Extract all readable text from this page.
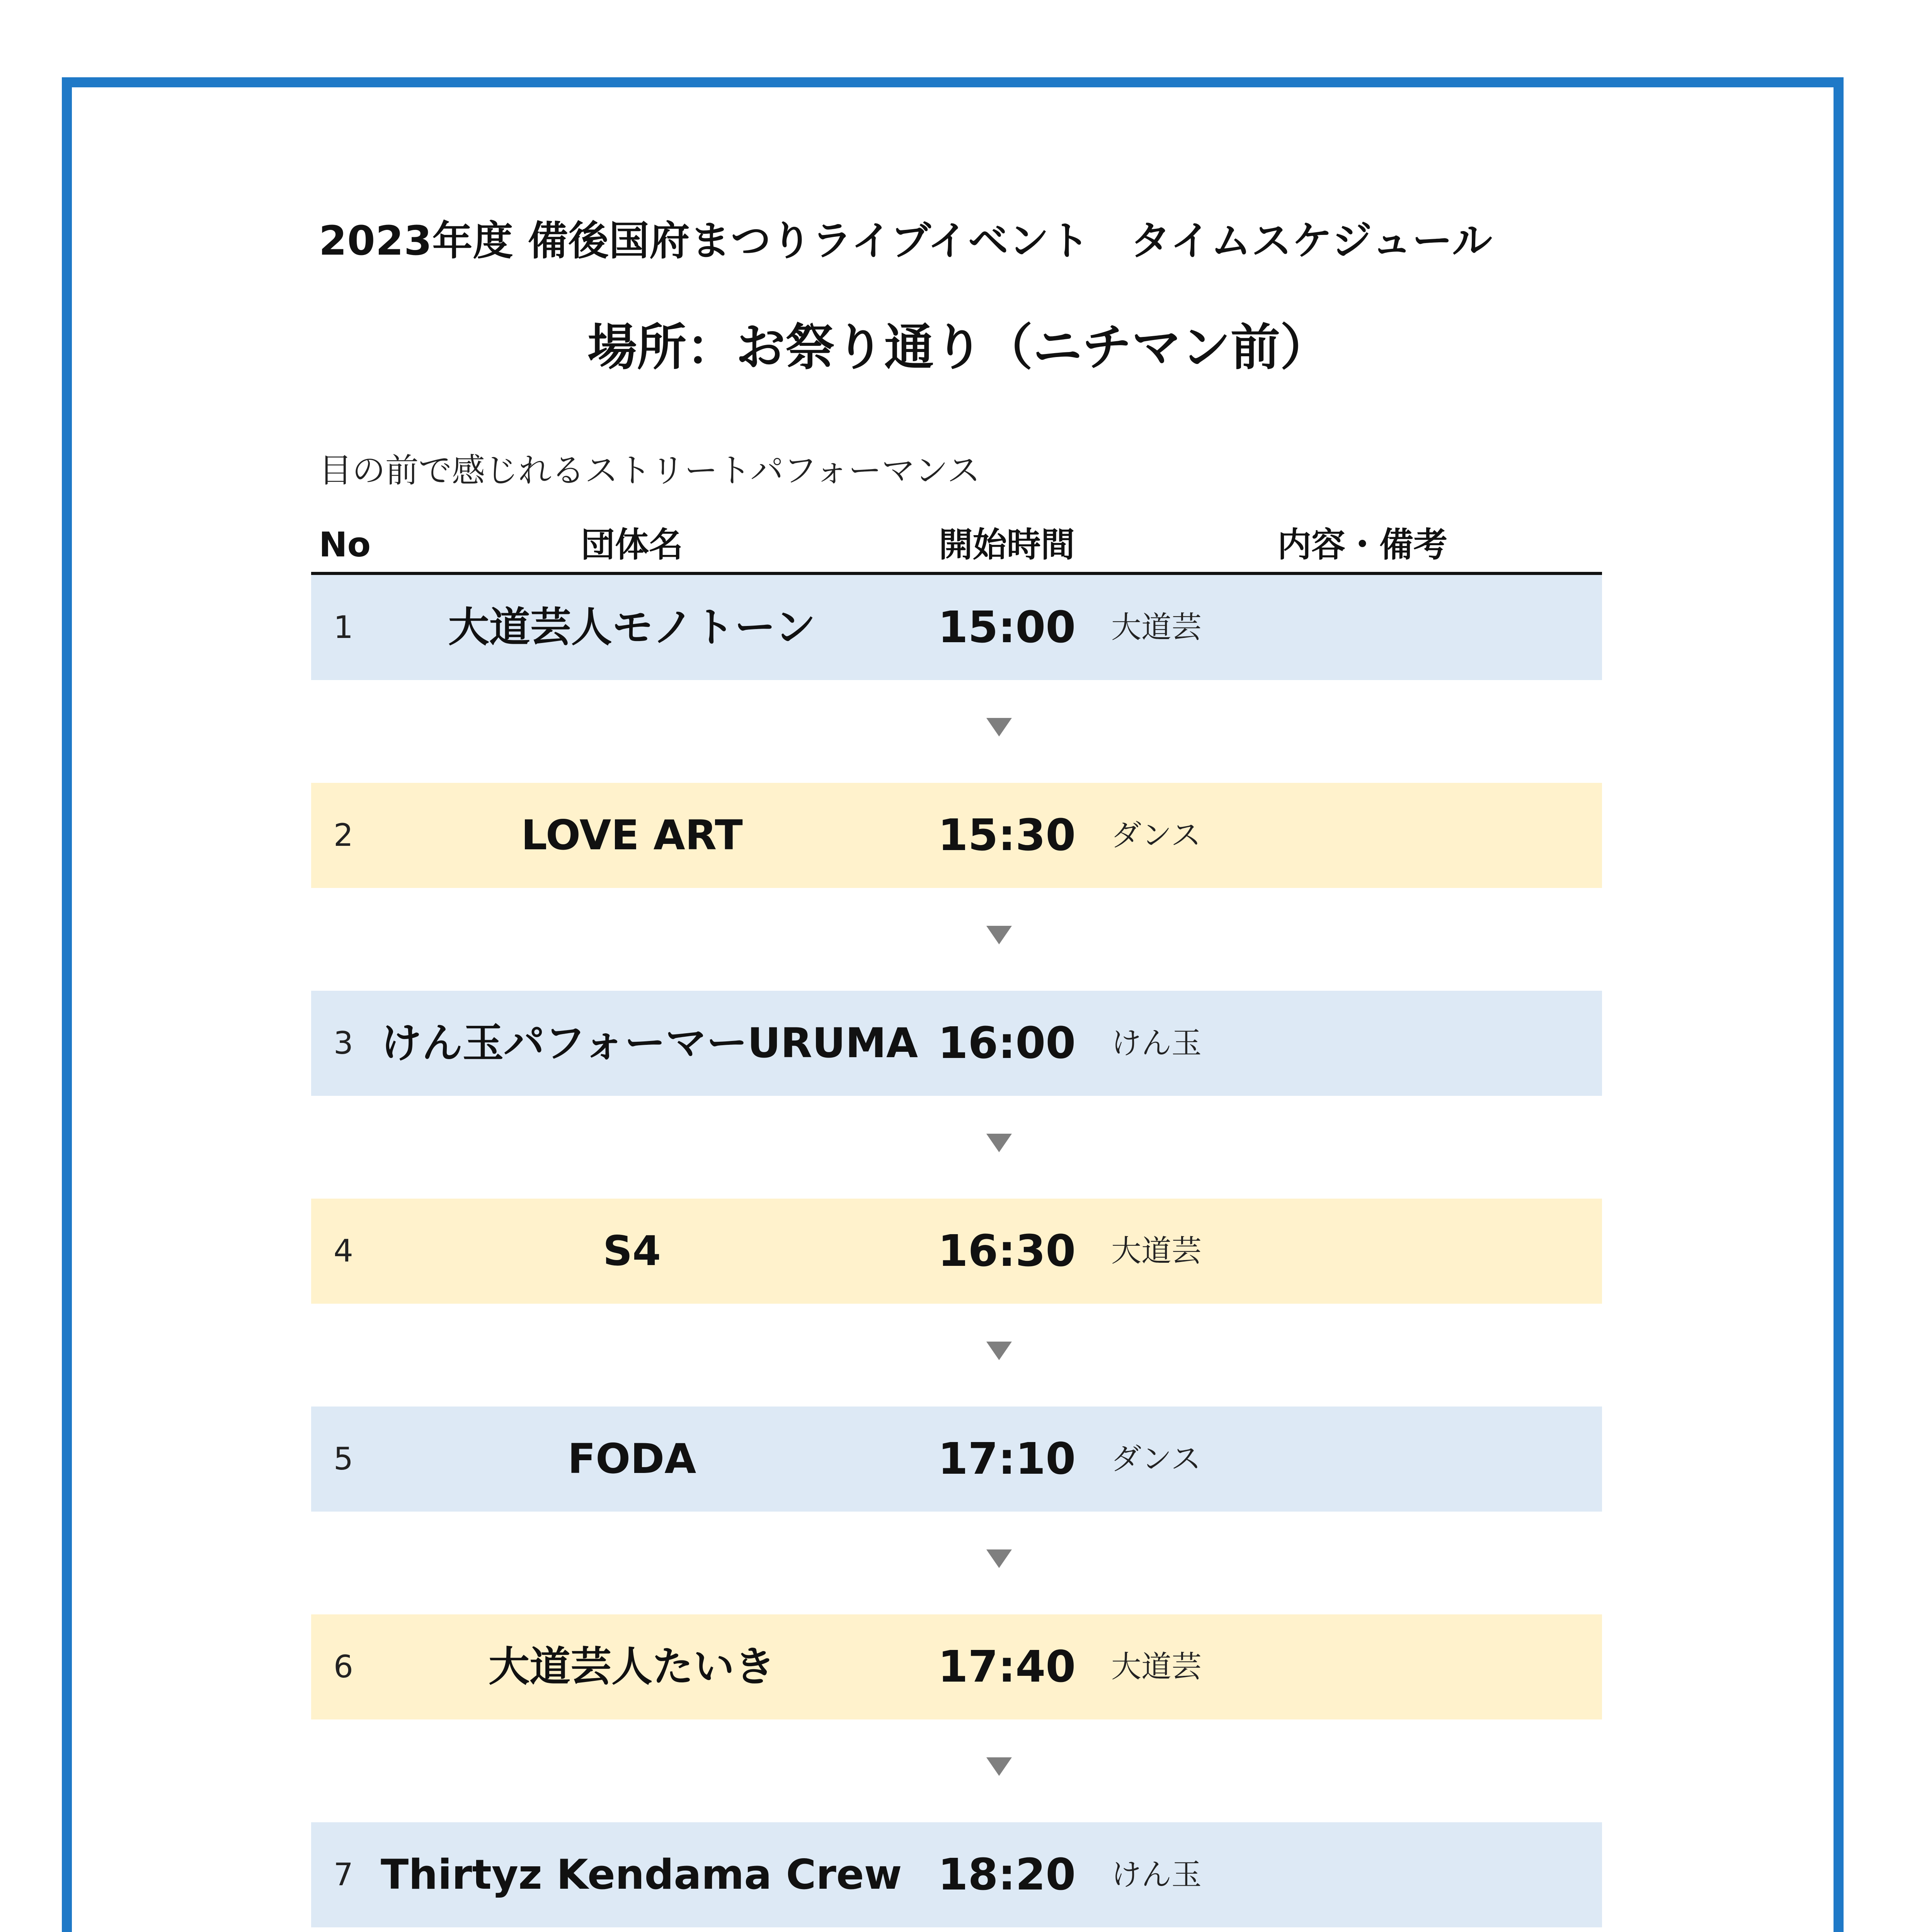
2023年度 備後国府まつりライブイベント　タイムスケジュール
場所：お祭り通り（ニチマン前）
目の前で感じれるストリートパフォーマンス
No	団体名	開始時間	内容・備考
1	大道芸人モノトーン	15:00	大道芸
2	LOVE ART	15:30	ダンス
3 けん玉パフォーマーURUMA 16:00	けん玉
4	S4	16:30	大道芸
5	FODA	17:10	ダンス
6	大道芸人たいき	17:40	大道芸
7 Thirtyz Kendama Crew 18:20	けん玉
